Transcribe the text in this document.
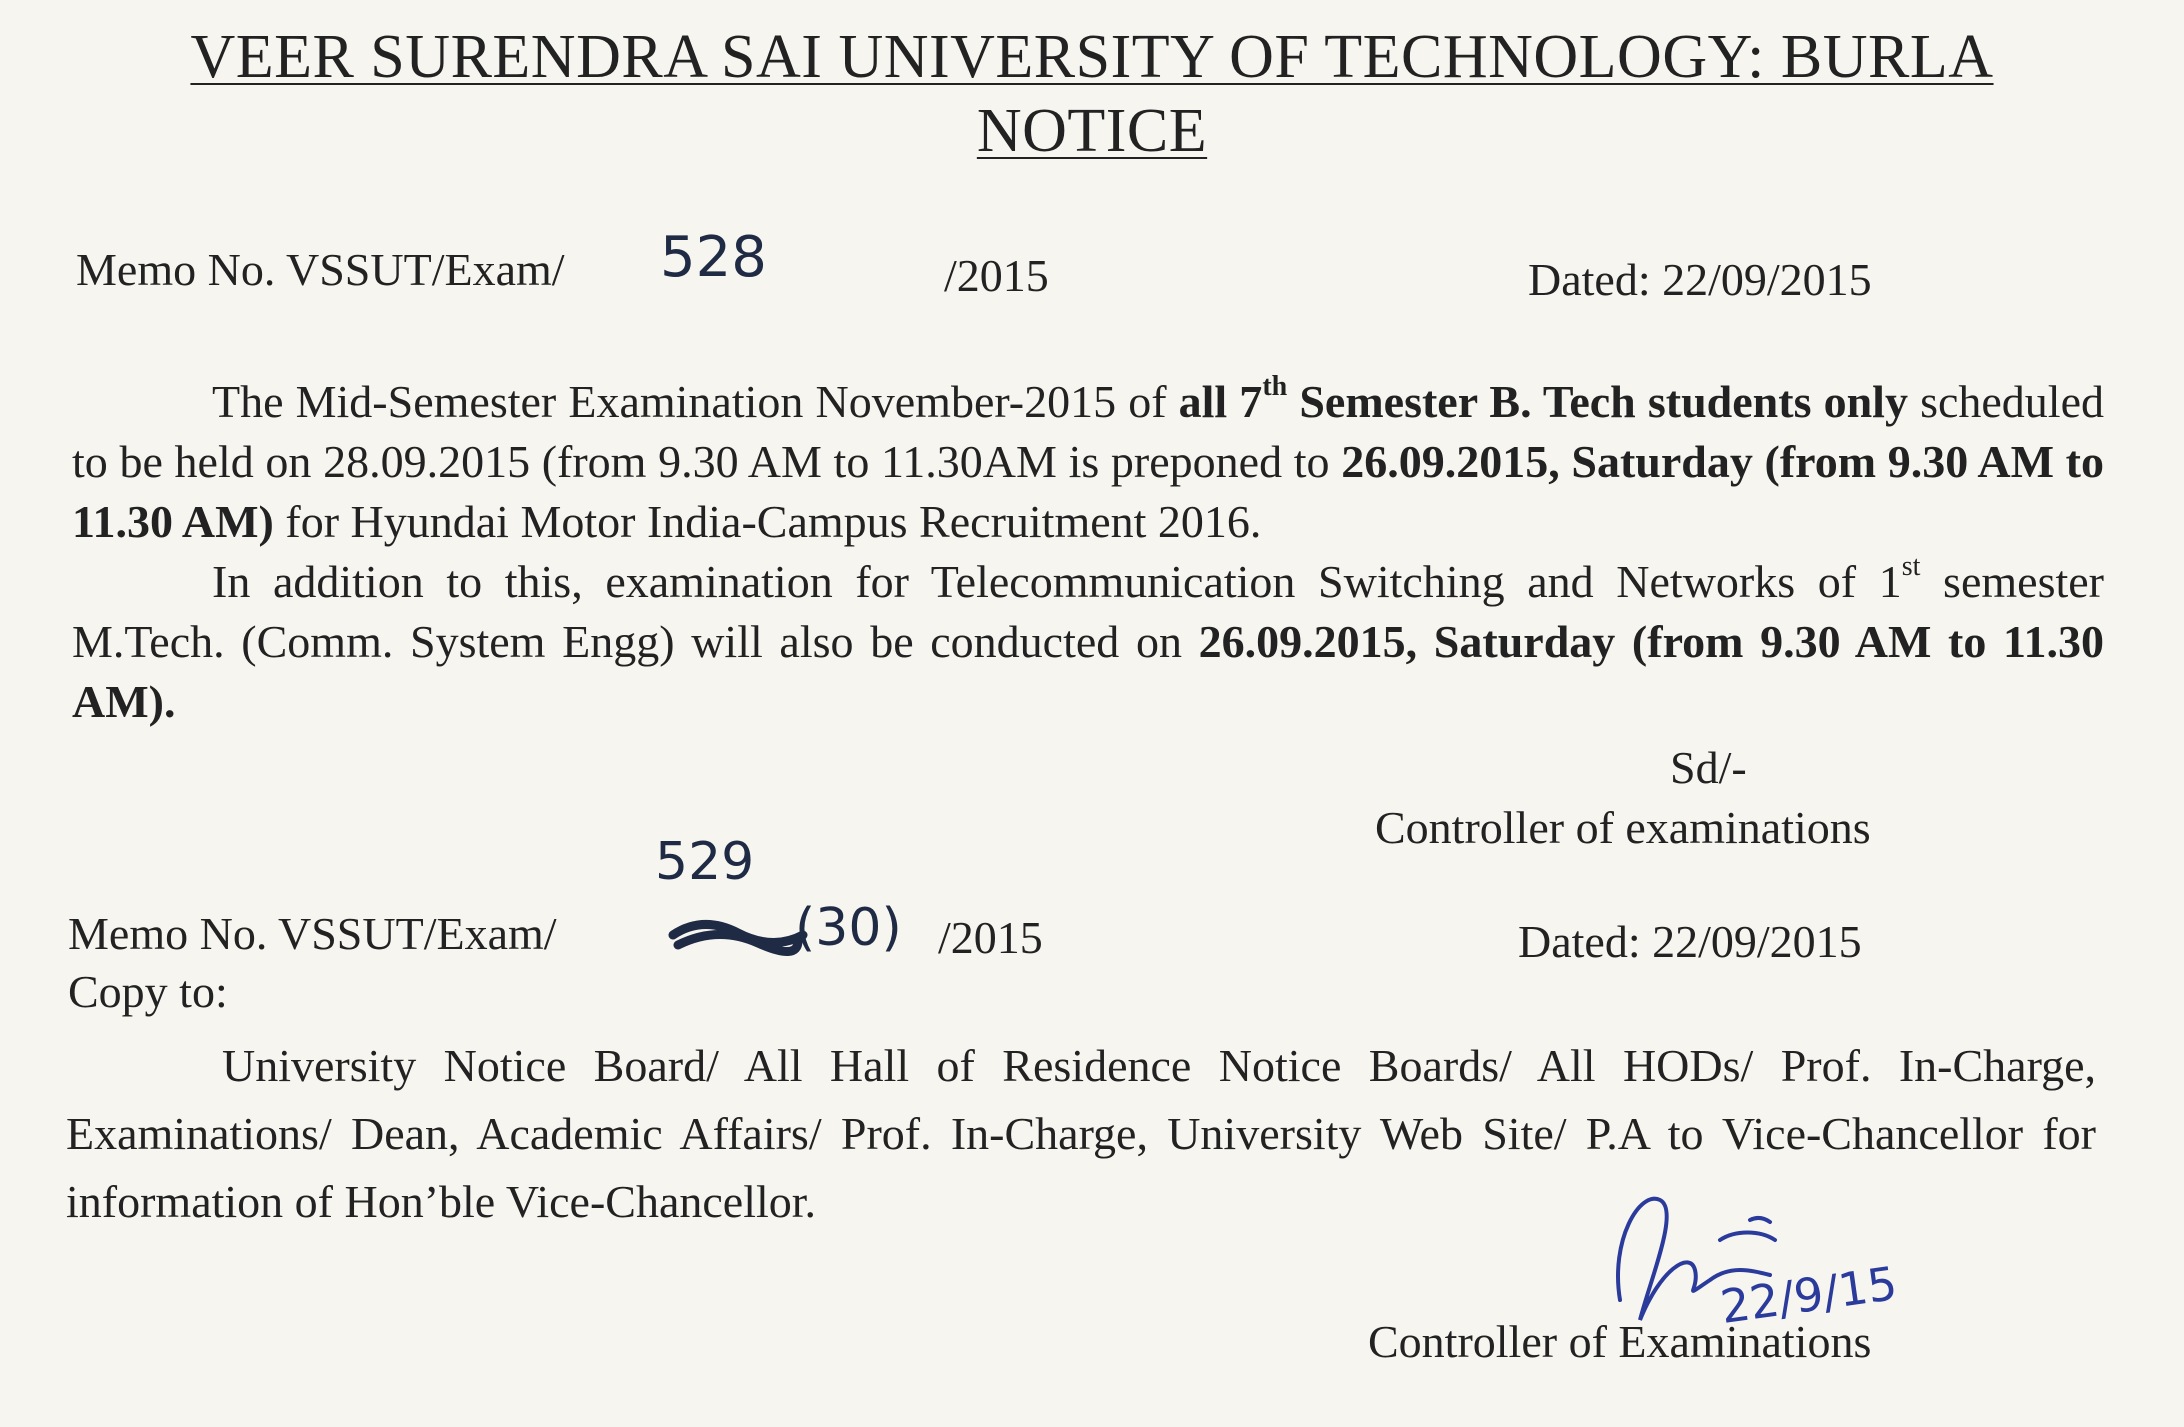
VEER SURENDRA SAI UNIVERSITY OF TECHNOLOGY: BURLA
NOTICE
Memo No. VSSUT/Exam/ 528	/2015	Dated: 22/09/2015
The Mid-Semester Examination November-2015 of all 7th Semester B. Tech students only scheduled to be held on 28.09.2015 (from 9.30 AM to 11.30AM is preponed to 26.09.2015, Saturday (from 9.30 AM to 11.30 AM) for Hyundai Motor India-Campus Recruitment 2016.
In addition to this, examination for Telecommunication Switching and Networks of 1st semester M.Tech. (Comm. System Engg) will also be conducted on 26.09.2015, Saturday (from 9.30 AM to 11.30 AM).
Sd/-
Controller of examinations
529
Memo No. VSSUT/Exam/	(30) /2015	Dated: 22/09/2015
Copy to:
University Notice Board/ All Hall of Residence Notice Boards/ All HODs/ Prof. In-Charge, Examinations/ Dean, Academic Affairs/ Prof. In-Charge, University Web Site/ P.A to Vice-Chancellor for information of Hon’ble Vice-Chancellor.
22/9/15
Controller of Examinations
